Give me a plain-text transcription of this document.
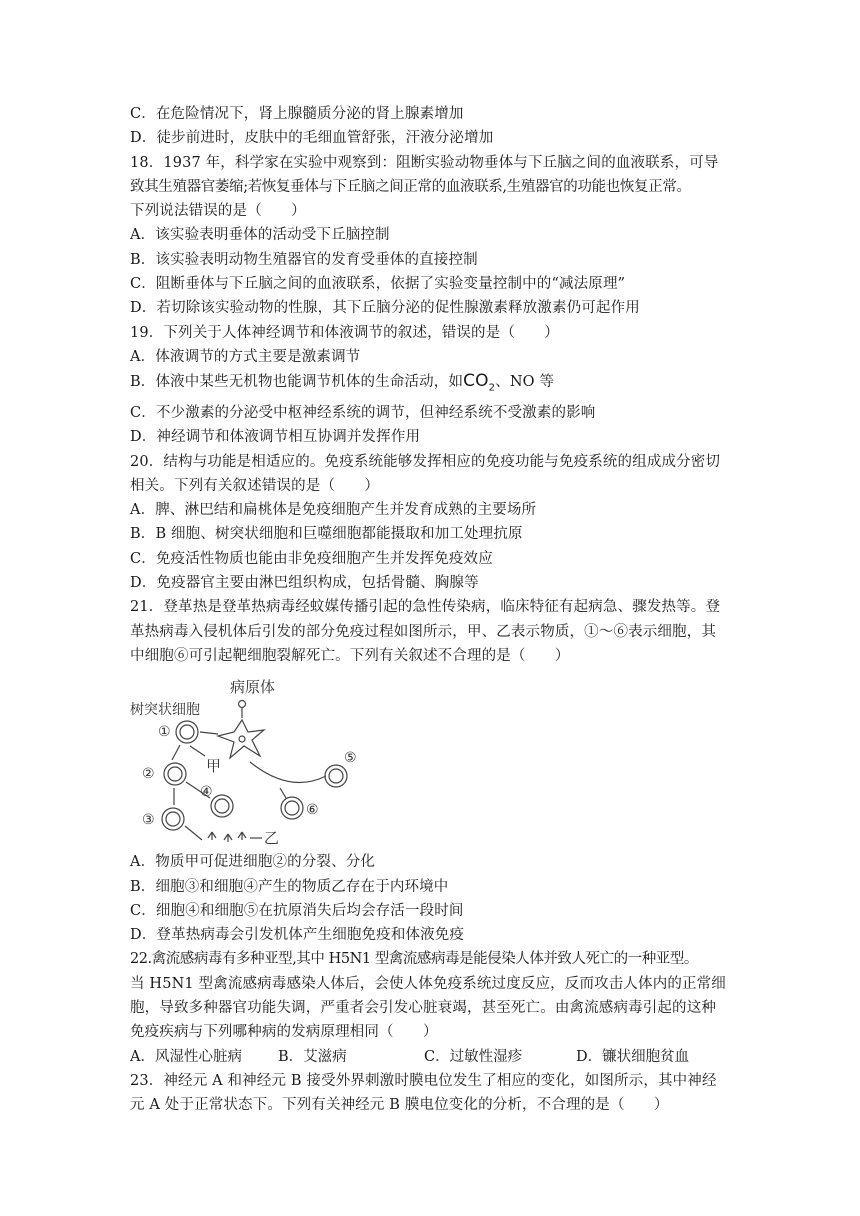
C．在危险情况下，肾上腺髓质分泌的肾上腺素增加
D．徒步前进时，皮肤中的毛细血管舒张，汗液分泌增加
18．1937 年，科学家在实验中观察到：阻断实验动物垂体与下丘脑之间的血液联系，可导
致其生殖器官萎缩;若恢复垂体与下丘脑之间正常的血液联系,生殖器官的功能也恢复正常。
下列说法错误的是（　　）
A．该实验表明垂体的活动受下丘脑控制
B．该实验表明动物生殖器官的发育受垂体的直接控制
C．阻断垂体与下丘脑之间的血液联系，依据了实验变量控制中的“减法原理”
D．若切除该实验动物的性腺，其下丘脑分泌的促性腺激素释放激素仍可起作用
19．下列关于人体神经调节和体液调节的叙述，错误的是（　　）
A．体液调节的方式主要是激素调节
B．体液中某些无机物也能调节机体的生命活动，如$CO_2$、NO 等
C．不少激素的分泌受中枢神经系统的调节，但神经系统不受激素的影响
D．神经调节和体液调节相互协调并发挥作用
20．结构与功能是相适应的。免疫系统能够发挥相应的免疫功能与免疫系统的组成成分密切
相关。下列有关叙述错误的是（　　）
A．脾、淋巴结和扁桃体是免疫细胞产生并发育成熟的主要场所
B．B 细胞、树突状细胞和巨噬细胞都能摄取和加工处理抗原
C．免疫活性物质也能由非免疫细胞产生并发挥免疫效应
D．免疫器官主要由淋巴组织构成，包括骨髓、胸腺等
21．登革热是登革热病毒经蚊媒传播引起的急性传染病，临床特征有起病急、骤发热等。登
革热病毒入侵机体后引发的部分免疫过程如图所示，甲、乙表示物质，①～⑥表示细胞，其
中细胞⑥可引起靶细胞裂解死亡。下列有关叙述不合理的是（　　）
病原体
树突状细胞
①
②
③
④
⑤
⑥
甲
乙
A．物质甲可促进细胞②的分裂、分化
B．细胞③和细胞④产生的物质乙存在于内环境中
C．细胞④和细胞⑤在抗原消失后均会存活一段时间
D．登革热病毒会引发机体产生细胞免疫和体液免疫
22.禽流感病毒有多种亚型,其中 H5N1 型禽流感病毒是能侵染人体并致人死亡的一种亚型。
当 H5N1 型禽流感病毒感染人体后，会使人体免疫系统过度反应，反而攻击人体内的正常细
胞，导致多种器官功能失调，严重者会引发心脏衰竭，甚至死亡。由禽流感病毒引起的这种
免疫疾病与下列哪种病的发病原理相同（　　）
A．风湿性心脏病	B．艾滋病	C．过敏性湿疹	D．镰状细胞贫血
23．神经元 A 和神经元 B 接受外界刺激时膜电位发生了相应的变化，如图所示，其中神经
元 A 处于正常状态下。下列有关神经元 B 膜电位变化的分析，不合理的是（　　）
